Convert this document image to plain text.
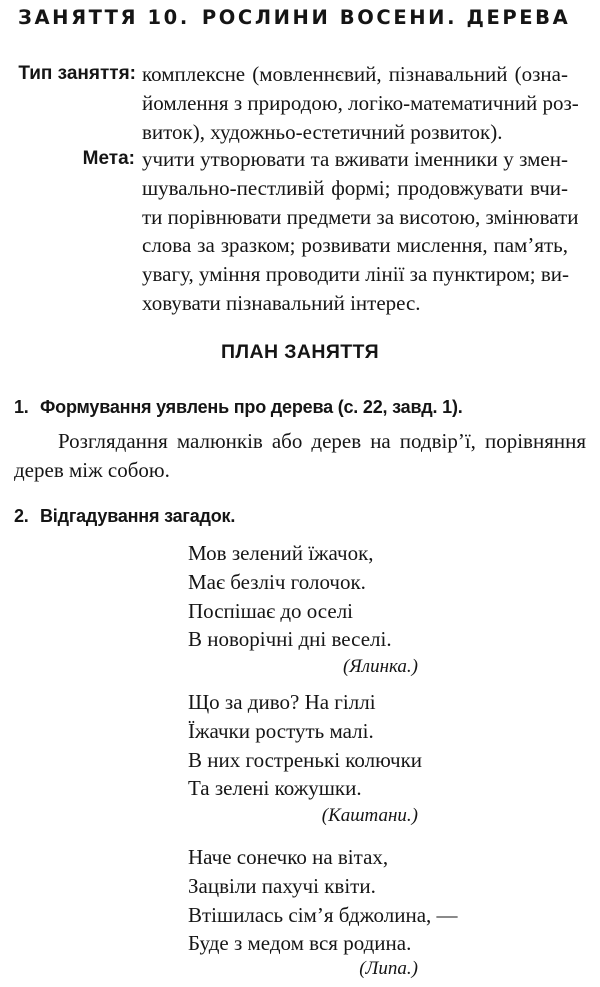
ЗАНЯТТЯ 10. РОСЛИНИ ВОСЕНИ. ДЕРЕВА
Тип заняття: комплексне (мовленнєвий, пізнавальний (озна-
йомлення з природою, логіко-математичний роз-
виток), художньо-естетичний розвиток).
Мета: учити утворювати та вживати іменники у змен-
шувально-пестливій формі; продовжувати вчи-
ти порівнювати предмети за висотою, змінювати
слова за зразком; розвивати мислення, пам’ять,
увагу, уміння проводити лінії за пунктиром; ви-
ховувати пізнавальний інтерес.
ПЛАН ЗАНЯТТЯ
1. Формування уявлень про дерева (с. 22, завд. 1).
Розглядання малюнків або дерев на подвір’ї, порівняння
дерев між собою.
2. Відгадування загадок.
Мов зелений їжачок,
Має безліч голочок.
Поспішає до оселі
В новорічні дні веселі.
(Ялинка.)
Що за диво? На гіллі
Їжачки ростуть малі.
В них гостренькі колючки
Та зелені кожушки.
(Каштани.)
Наче сонечко на вітах,
Зацвіли пахучі квіти.
Втішилась сім’я бджолина, —
Буде з медом вся родина.
(Липа.)
